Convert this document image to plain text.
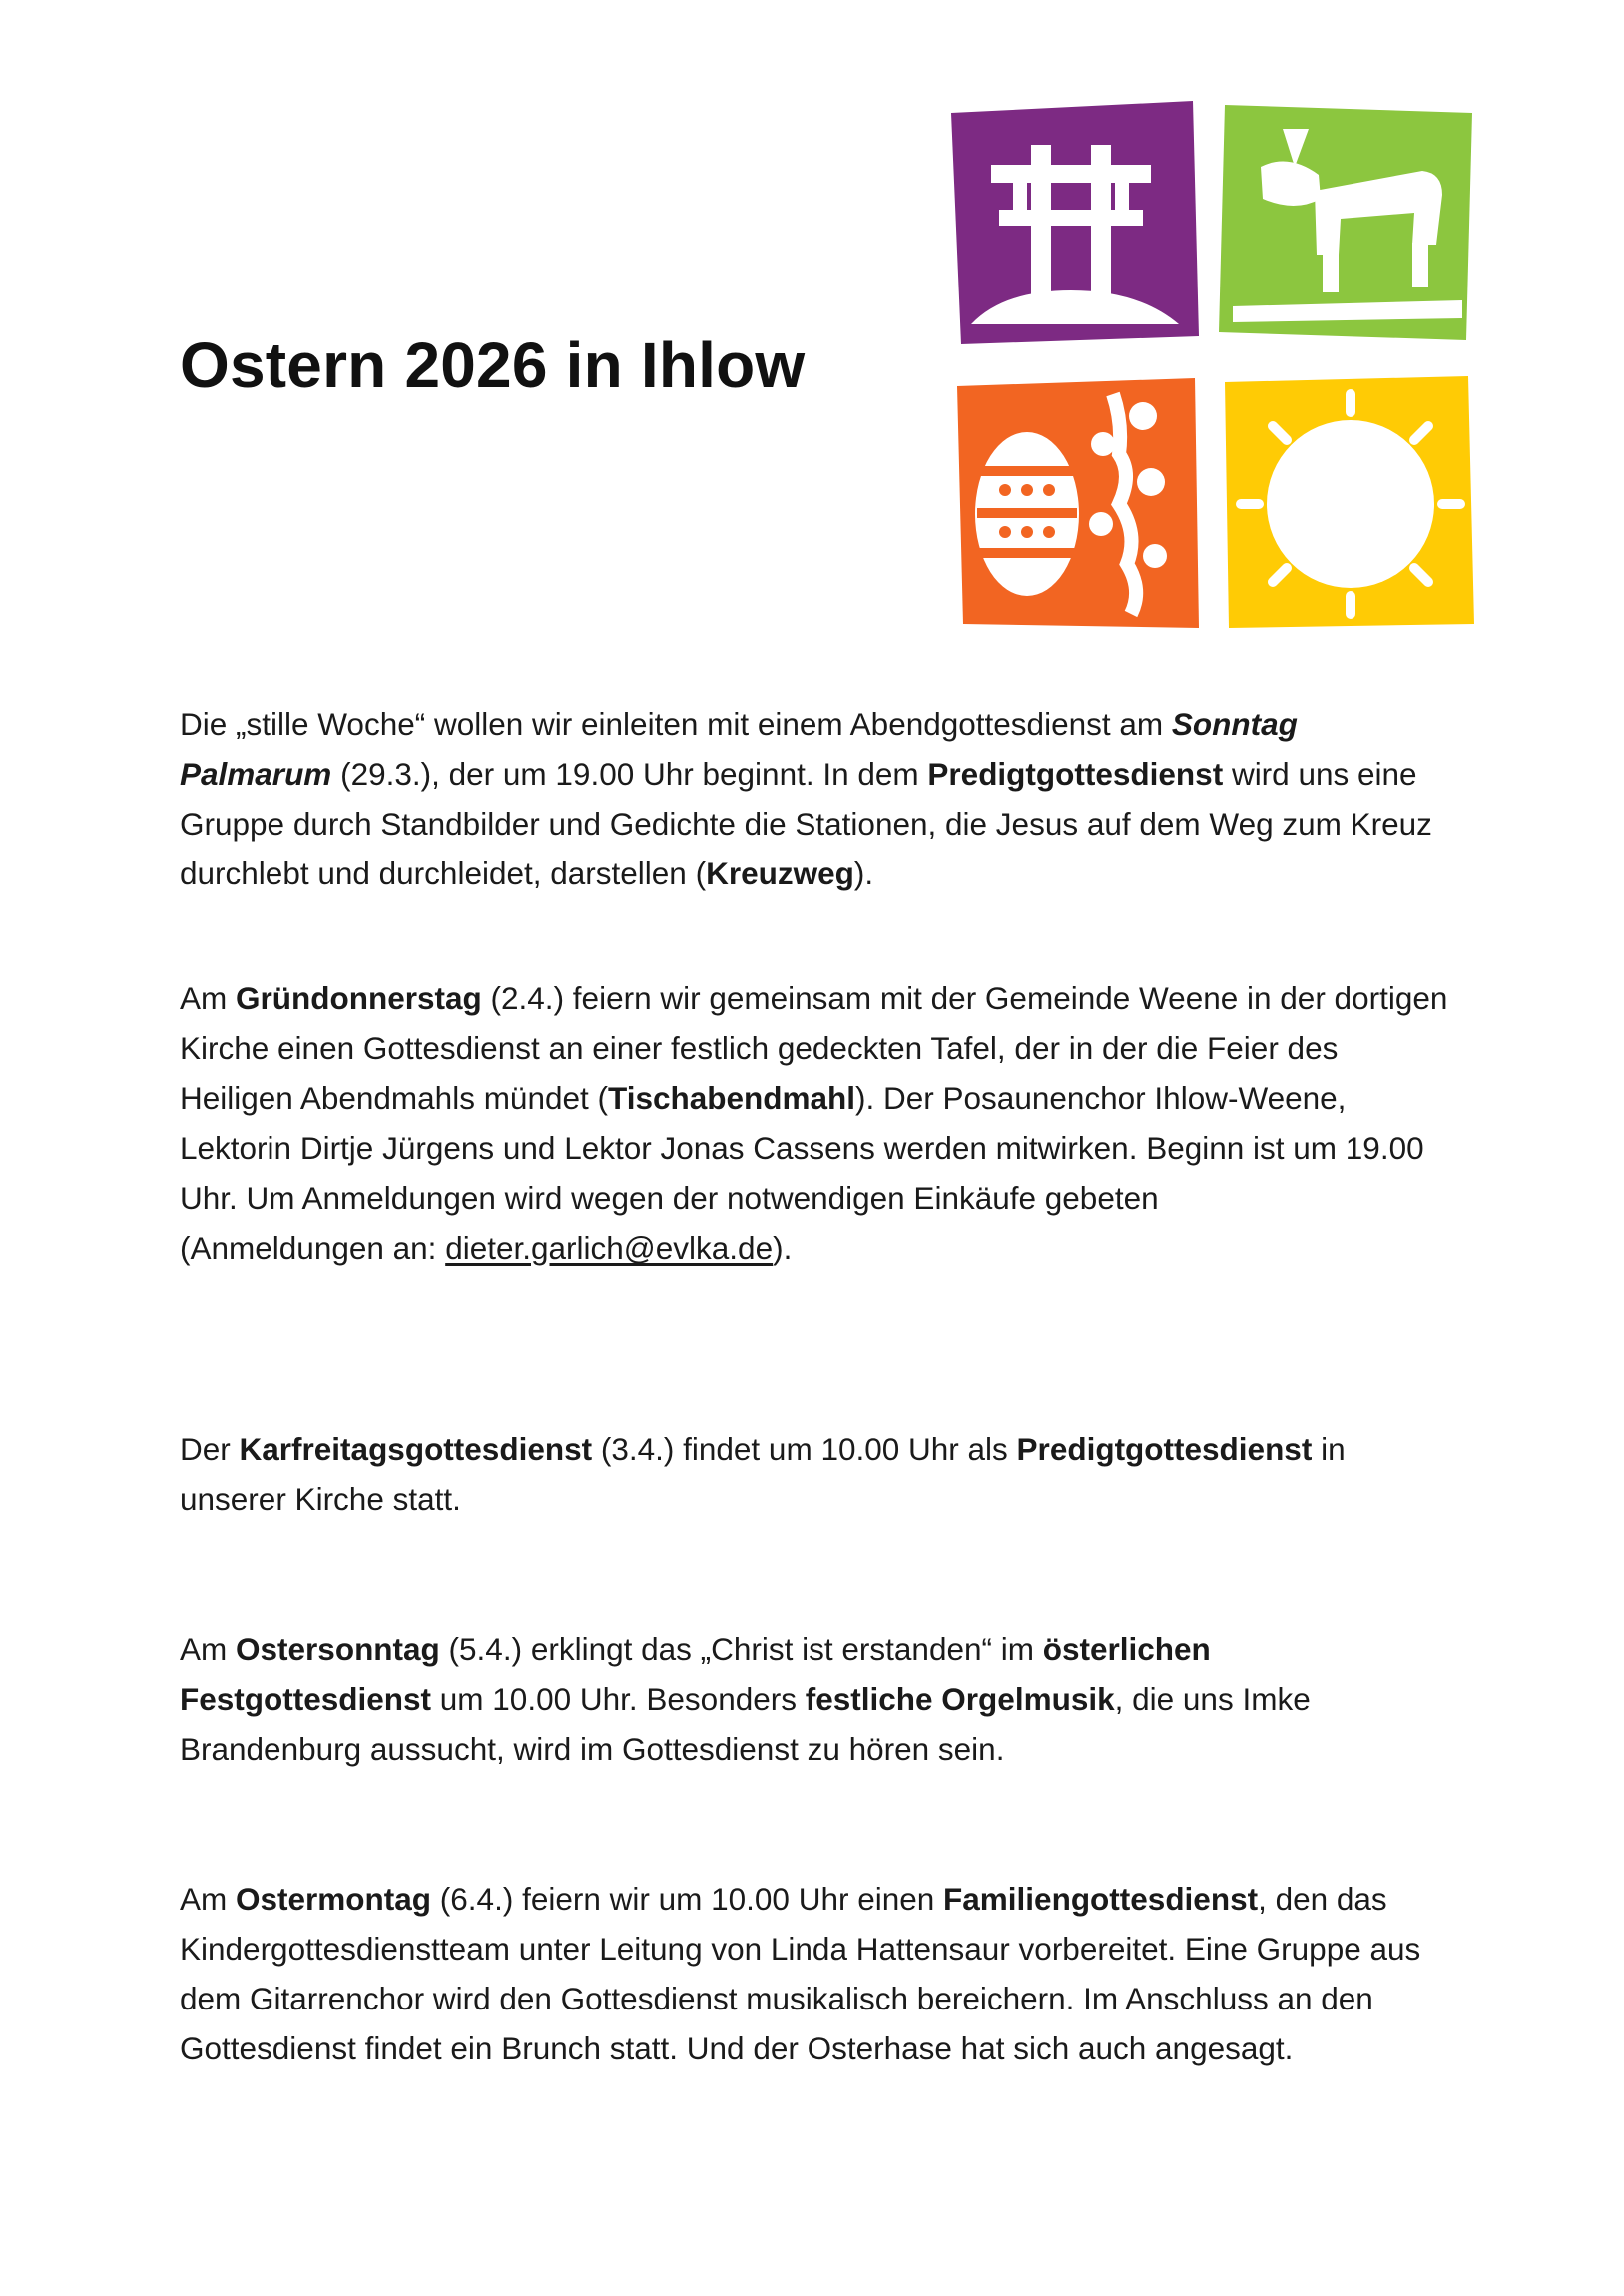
Ostern 2026 in Ihlow

Die „stille Woche“ wollen wir einleiten mit einem Abendgottesdienst am Sonntag Palmarum (29.3.), der um 19.00 Uhr beginnt. In dem Predigtgottesdienst wird uns eine Gruppe durch Standbilder und Gedichte die Stationen, die Jesus auf dem Weg zum Kreuz durchlebt und durchleidet, darstellen (Kreuzweg).

Am Gründonnerstag (2.4.) feiern wir gemeinsam mit der Gemeinde Weene in der dortigen Kirche einen Gottesdienst an einer festlich gedeckten Tafel, der in der die Feier des Heiligen Abendmahls mündet (Tischabendmahl). Der Posaunenchor Ihlow-Weene, Lektorin Dirtje Jürgens und Lektor Jonas Cassens werden mitwirken. Beginn ist um 19.00 Uhr. Um Anmeldungen wird wegen der notwendigen Einkäufe gebeten
(Anmeldungen an: dieter.garlich@evlka.de).

Der Karfreitagsgottesdienst (3.4.) findet um 10.00 Uhr als Predigtgottesdienst in unserer Kirche statt.

Am Ostersonntag (5.4.) erklingt das „Christ ist erstanden“ im österlichen Festgottesdienst um 10.00 Uhr. Besonders festliche Orgelmusik, die uns Imke Brandenburg aussucht, wird im Gottesdienst zu hören sein.

Am Ostermontag (6.4.) feiern wir um 10.00 Uhr einen Familiengottesdienst, den das Kindergottesdienstteam unter Leitung von Linda Hattensaur vorbereitet. Eine Gruppe aus dem Gitarrenchor wird den Gottesdienst musikalisch bereichern. Im Anschluss an den Gottesdienst findet ein Brunch statt. Und der Osterhase hat sich auch angesagt.
